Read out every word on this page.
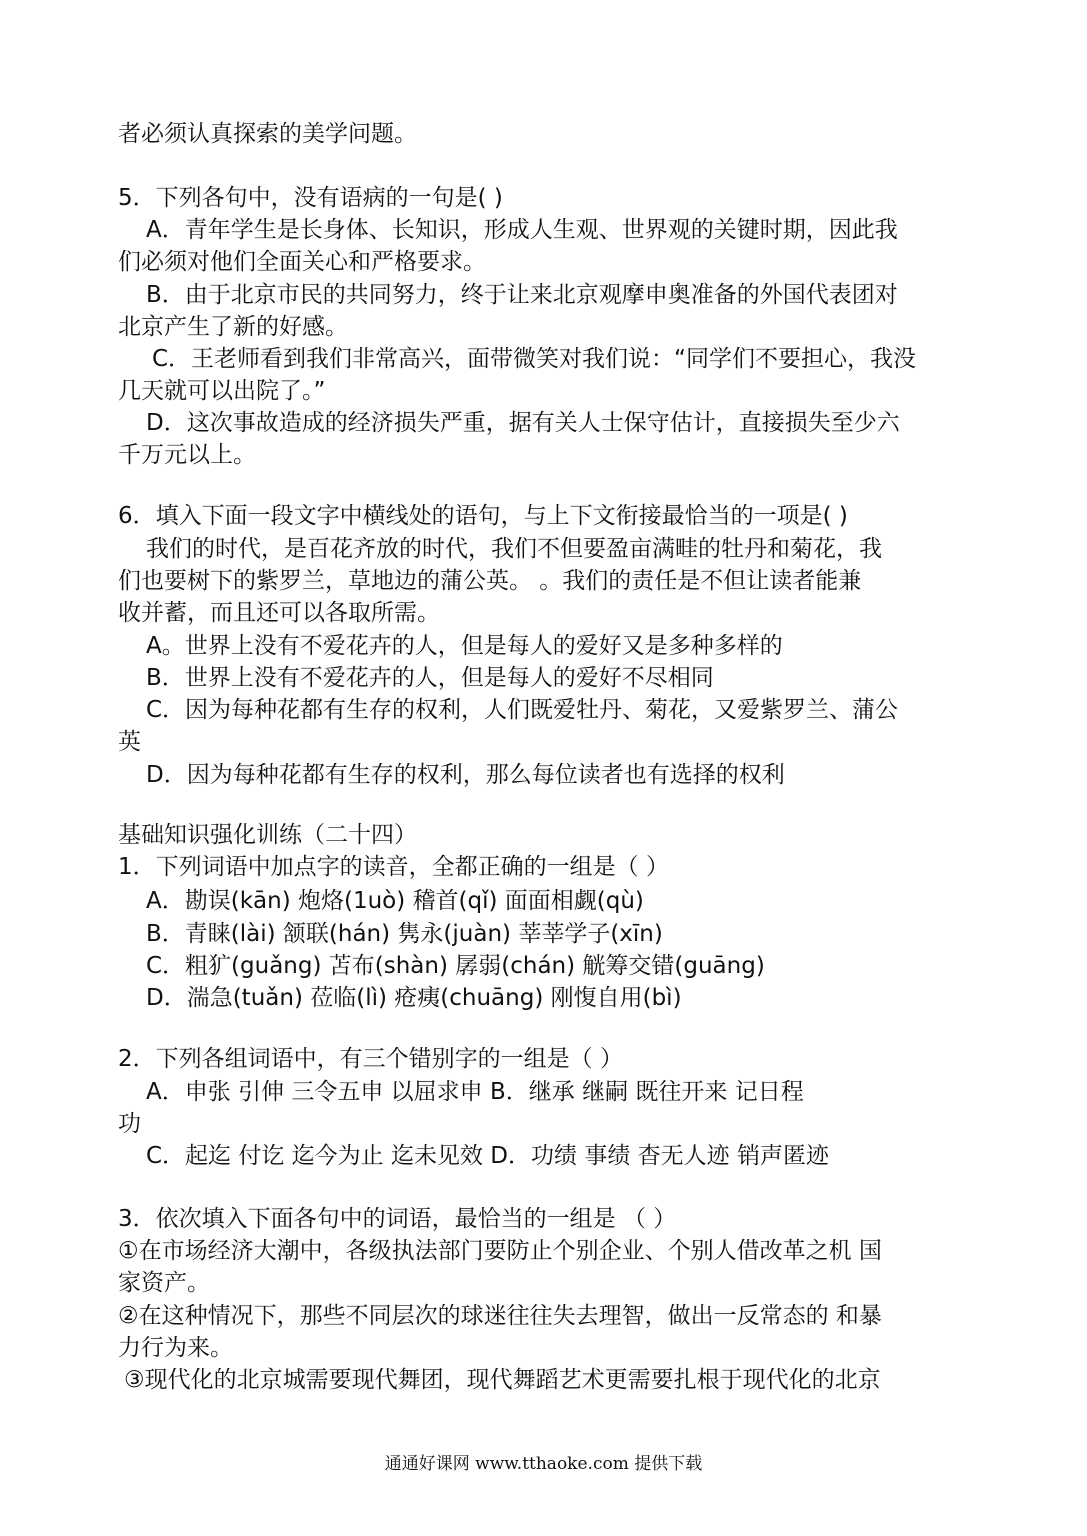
者必须认真探索的美学问题。
5．下列各句中，没有语病的一句是( )
A．青年学生是长身体、长知识，形成人生观、世界观的关键时期，因此我
们必须对他们全面关心和严格要求。
B．由于北京市民的共同努力，终于让来北京观摩申奥准备的外国代表团对
北京产生了新的好感。
C．王老师看到我们非常高兴，面带微笑对我们说：“同学们不要担心，我没
几天就可以出院了。”
D．这次事故造成的经济损失严重，据有关人士保守估计，直接损失至少六
千万元以上。
6．填入下面一段文字中横线处的语句，与上下文衔接最恰当的一项是( )
我们的时代，是百花齐放的时代，我们不但要盈亩满畦的牡丹和菊花，我
们也要树下的紫罗兰，草地边的蒲公英。 。我们的责任是不但让读者能兼
收并蓄，而且还可以各取所需。
A。世界上没有不爱花卉的人，但是每人的爱好又是多种多样的
B．世界上没有不爱花卉的人，但是每人的爱好不尽相同
C．因为每种花都有生存的权利，人们既爱牡丹、菊花，又爱紫罗兰、蒲公
英
D．因为每种花都有生存的权利，那么每位读者也有选择的权利
基础知识强化训练（二十四）
1．下列词语中加点字的读音，全都正确的一组是（ ）
A．勘误(kān) 炮烙(1uò) 稽首(qǐ) 面面相觑(qù)
B．青睐(lài) 颔联(hán) 隽永(juàn) 莘莘学子(xīn)
C．粗犷(guǎng) 苫布(shàn) 孱弱(chán) 觥筹交错(guāng)
D．湍急(tuǎn) 莅临(lì) 疮痍(chuāng) 刚愎自用(bì)
2．下列各组词语中，有三个错别字的一组是（ ）
A．申张 引伸 三令五申 以屈求申 B．继承 继嗣 既往开来 记日程
功
C．起迄 付讫 迄今为止 迄未见效 D．功绩 事绩 杳无人迹 销声匿迹
3．依次填入下面各句中的词语，最恰当的一组是 （ ）
①在市场经济大潮中，各级执法部门要防止个别企业、个别人借改革之机 国
家资产。
②在这种情况下，那些不同层次的球迷往往失去理智，做出一反常态的 和暴
力行为来。
③现代化的北京城需要现代舞团，现代舞蹈艺术更需要扎根于现代化的北京
通通好课网 www.tthaoke.com 提供下载
